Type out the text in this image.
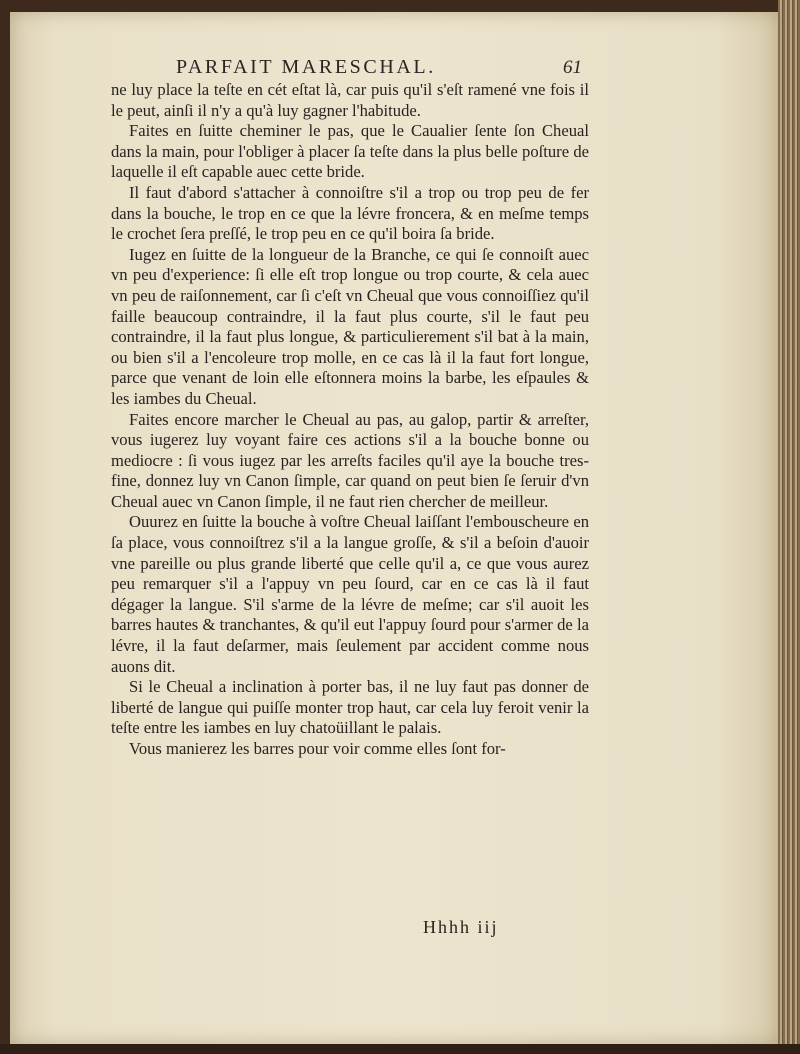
PARFAIT MARESCHAL.	61

ne luy place la teſte en cét eſtat là, car puis qu'il s'eſt ramené vne fois il le peut, ainſi il n'y a qu'à luy gagner l'habitude.

Faites en ſuitte cheminer le pas, que le Caualier ſente ſon Cheual dans la main, pour l'obliger à placer ſa teſte dans la plus belle poſture de laquelle il eſt capable auec cette bride.

Il faut d'abord s'attacher à connoiſtre s'il a trop ou trop peu de fer dans la bouche, le trop en ce que la lévre froncera, & en meſme temps le crochet ſera preſſé, le trop peu en ce qu'il boira ſa bride.

Iugez en ſuitte de la longueur de la Branche, ce qui ſe connoiſt auec vn peu d'experience: ſi elle eſt trop longue ou trop courte, & cela auec vn peu de raiſonnement, car ſi c'eſt vn Cheual que vous connoiſſiez qu'il faille beaucoup contraindre, il la faut plus courte, s'il le faut peu contraindre, il la faut plus longue, & particulierement s'il bat à la main, ou bien s'il a l'encoleure trop molle, en ce cas là il la faut fort longue, parce que venant de loin elle eſtonnera moins la barbe, les eſpaules & les iambes du Cheual.

Faites encore marcher le Cheual au pas, au galop, partir & arreſter, vous iugerez luy voyant faire ces actions s'il a la bouche bonne ou mediocre : ſi vous iugez par les arreſts faciles qu'il aye la bouche tres-fine, donnez luy vn Canon ſimple, car quand on peut bien ſe ſeruir d'vn Cheual auec vn Canon ſimple, il ne faut rien chercher de meilleur.

Ouurez en ſuitte la bouche à voſtre Cheual laiſſant l'embouscheure en ſa place, vous connoiſtrez s'il a la langue groſſe, & s'il a beſoin d'auoir vne pareille ou plus grande liberté que celle qu'il a, ce que vous aurez peu remarquer s'il a l'appuy vn peu ſourd, car en ce cas là il faut dégager la langue. S'il s'arme de la lévre de meſme; car s'il auoit les barres hautes & tranchantes, & qu'il eut l'appuy ſourd pour s'armer de la lévre, il la faut deſarmer, mais ſeulement par accident comme nous auons dit.

Si le Cheual a inclination à porter bas, il ne luy faut pas donner de liberté de langue qui puiſſe monter trop haut, car cela luy feroit venir la teſte entre les iambes en luy chatoüillant le palais.

Vous manierez les barres pour voir comme elles ſont for-

Hhhh iij
